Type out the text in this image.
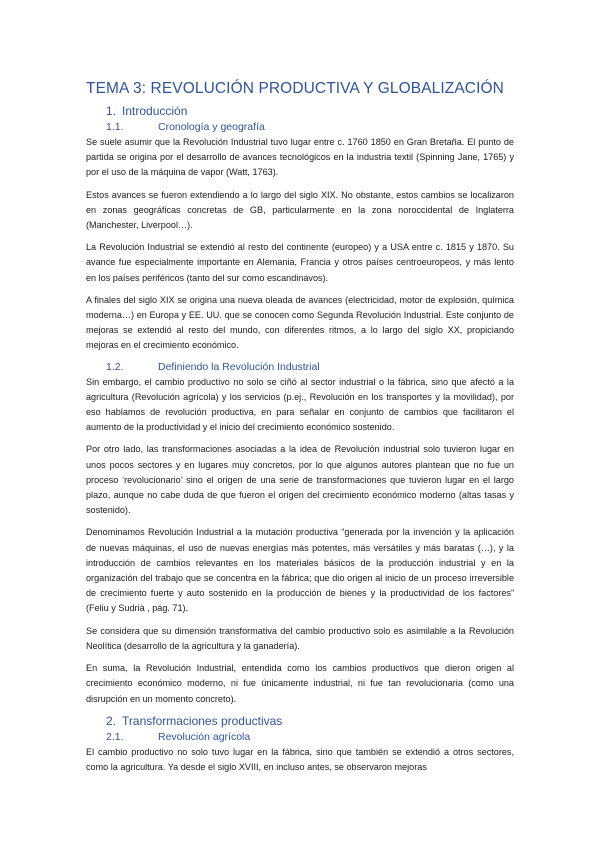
TEMA 3: REVOLUCIÓN PRODUCTIVA Y GLOBALIZACIÓN
1. Introducción
1.1.	Cronología y geografía

Se suele asumir que la Revolución Industrial tuvo lugar entre c. 1760 1850 en Gran Bretaña. El punto de partida se origina por el desarrollo de avances tecnológicos en la industria textil (Spinning Jane, 1765) y por el uso de la máquina de vapor (Watt, 1763).

Estos avances se fueron extendiendo a lo largo del siglo XIX. No obstante, estos cambios se localizaron en zonas geográficas concretas de GB, particularmente en la zona noroccidental de Inglaterra (Manchester, Liverpool…).

La Revolución Industrial se extendió al resto del continente (europeo) y a USA entre c. 1815 y 1870. Su avance fue especialmente importante en Alemania, Francia y otros países centroeuropeos, y más lento en los países periféricos (tanto del sur como escandinavos).

A finales del siglo XIX se origina una nueva oleada de avances (electricidad, motor de explosión, química moderna…) en Europa y EE. UU. que se conocen como Segunda Revolución Industrial. Este conjunto de mejoras se extendió al resto del mundo, con diferentes ritmos, a lo largo del siglo XX, propiciando mejoras en el crecimiento económico.

1.2.	Definiendo la Revolución Industrial

Sin embargo, el cambio productivo no solo se ciñó al sector industrial o la fábrica, sino que afectó a la agricultura (Revolución agrícola) y los servicios (p.ej., Revolución en los transportes y la movilidad), por eso hablamos de revolución productiva, en para señalar en conjunto de cambios que facilitaron el aumento de la productividad y el inicio del crecimiento económico sostenido.

Por otro lado, las transformaciones asociadas a la idea de Revolución industrial solo tuvieron lugar en unos pocos sectores y en lugares muy concretos, por lo que algunos autores plantean que no fue un proceso ‘revolucionario’ sino el origen de una serie de transformaciones que tuvieron lugar en el largo plazo, aunque no cabe duda de que fueron el origen del crecimiento económico moderno (altas tasas y sostenido).

Denominamos Revolución Industrial a la mutación productiva “generada por la invención y la aplicación de nuevas máquinas, el uso de nuevas energías más potentes, más versátiles y más baratas (…), y la introducción de cambios relevantes en los materiales básicos de la producción industrial y en la organización del trabajo que se concentra en la fábrica; que dio origen al inicio de un proceso irreversible de crecimiento fuerte y auto sostenido en la producción de bienes y la productividad de los factores” (Feliu y Sudrià , pág. 71).

Se considera que su dimensión transformativa del cambio productivo solo es asimilable a la Revolución Neolítica (desarrollo de la agricultura y la ganadería).

En suma, la Revolución Industrial, entendida como los cambios productivos que dieron origen al crecimiento económico moderno, ni fue únicamente industrial, ni fue tan revolucionaria (como una disrupción en un momento concreto).

2. Transformaciones productivas
2.1.	Revolución agrícola

El cambio productivo no solo tuvo lugar en la fábrica, sino que también se extendió a otros sectores, como la agricultura. Ya desde el siglo XVIII, en incluso antes, se observaron mejoras
